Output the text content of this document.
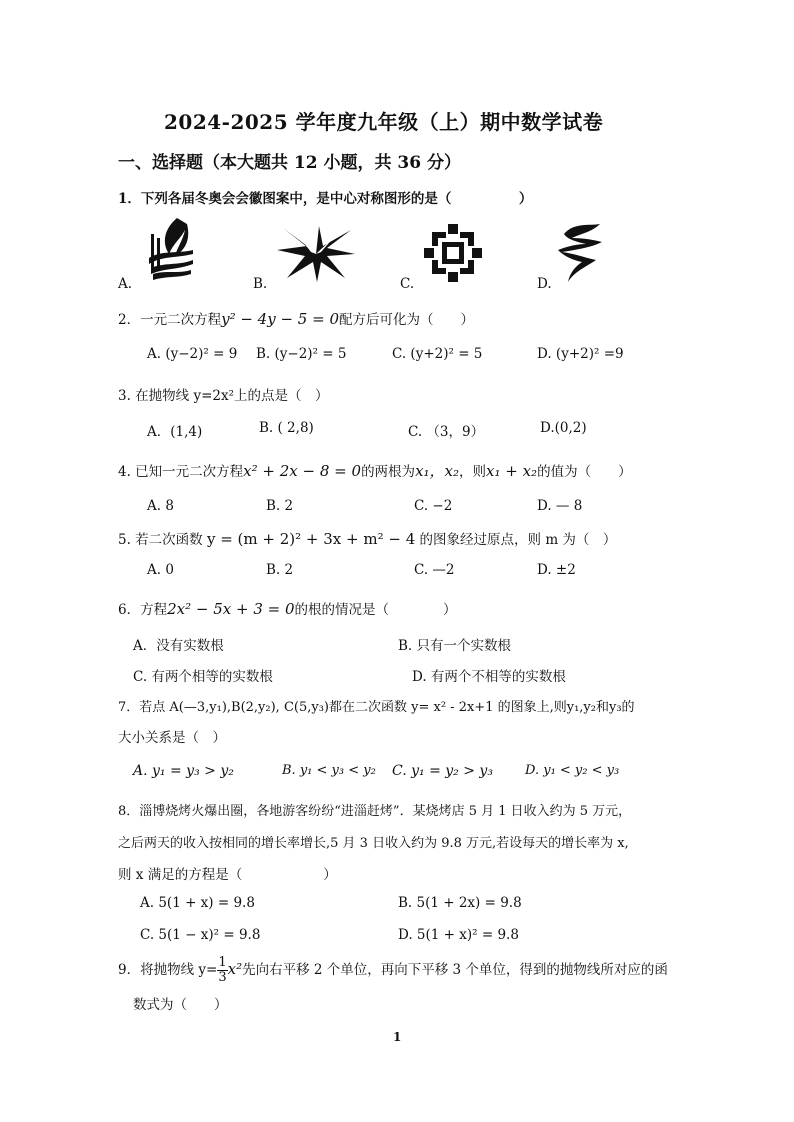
2024-2025 学年度九年级（上）期中数学试卷
一、选择题（本大题共 12 小题，共 36 分）
1．下列各届冬奥会会徽图案中，是中心对称图形的是（　　　　　）
A.	B.	C.	D.
2．一元二次方程y² − 4y − 5 = 0配方后可化为（　　）
A. (y−2)² = 9 B. (y−2)² = 5	C. (y+2)² = 5	D. (y+2)² =9
3. 在抛物线 y=2x²上的点是（　）
A．(1,4)	B. ( 2,8)	C. （3，9）	D.(0,2)
4. 已知一元二次方程x² + 2x − 8 = 0的两根为x₁，x₂，则x₁ + x₂的值为（　　）
A. 8	B. 2	C. −2	D. — 8
5. 若二次函数 y = (m + 2)² + 3x + m² − 4 的图象经过原点，则 m 为（　）
A. 0	B. 2	C. —2	D. ±2
6．方程2x² − 5x + 3 = 0的根的情况是（　　　　）
A．没有实数根	B. 只有一个实数根
C. 有两个相等的实数根	D. 有两个不相等的实数根
7．若点 A(—3,y₁),B(2,y₂), C(5,y₃)都在二次函数 y= x² - 2x+1 的图象上,则y₁,y₂和y₃的
大小关系是（　）
A. y₁ = y₃ > y₂	B. y₁ < y₃ < y₂ C. y₁ = y₂ > y₃ D. y₁ < y₂ < y₃
8．淄博烧烤火爆出圈，各地游客纷纷“进淄赶烤”．某烧烤店 5 月 1 日收入约为 5 万元，
之后两天的收入按相同的增长率增长,5 月 3 日收入约为 9.8 万元,若设每天的增长率为 x,
则 x 满足的方程是（　　　　　　）
A. 5(1 + x) = 9.8	B. 5(1 + 2x) = 9.8
C. 5(1 − x)² = 9.8	D. 5(1 + x)² = 9.8
9．将抛物线 $y= \frac{1}{3} x^2$先向右平移 2 个单位，再向下平移 3 个单位，得到的抛物线所对应的函
数式为（　　）
1
